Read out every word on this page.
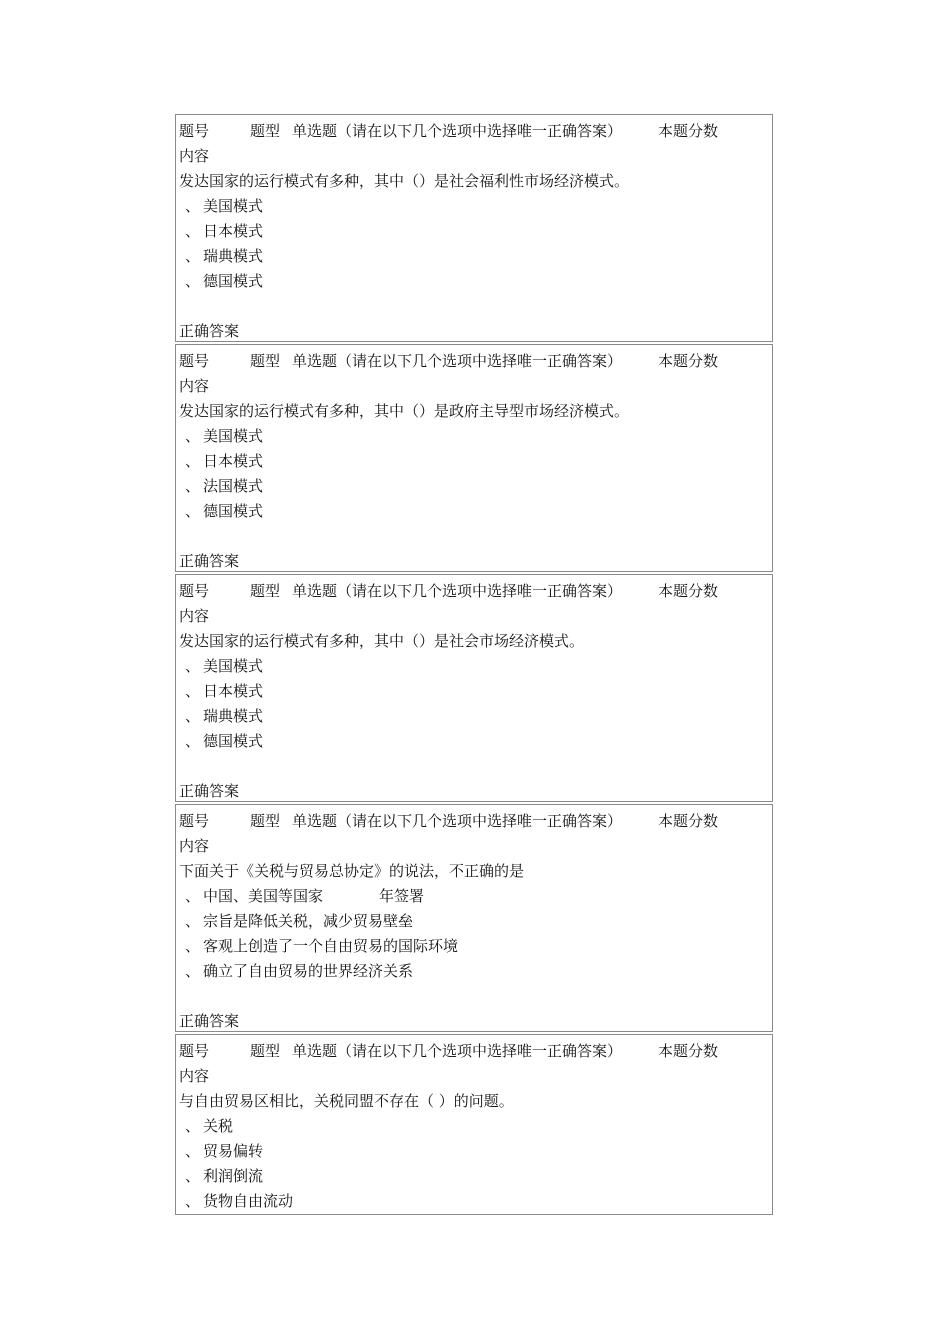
题号	题型 单选题（请在以下几个选项中选择唯一正确答案） 本题分数
内容
发达国家的运行模式有多种，其中（）是社会福利性市场经济模式。
、 美国模式
、 日本模式
、 瑞典模式
、 德国模式
正确答案
题号	题型 单选题（请在以下几个选项中选择唯一正确答案） 本题分数
内容
发达国家的运行模式有多种，其中（）是政府主导型市场经济模式。
、 美国模式
、 日本模式
、 法国模式
、 德国模式
正确答案
题号	题型 单选题（请在以下几个选项中选择唯一正确答案） 本题分数
内容
发达国家的运行模式有多种，其中（）是社会市场经济模式。
、 美国模式
、 日本模式
、 瑞典模式
、 德国模式
正确答案
题号	题型 单选题（请在以下几个选项中选择唯一正确答案） 本题分数
内容
下面关于《关税与贸易总协定》的说法，不正确的是
、 中国、美国等国家	年签署
、 宗旨是降低关税，减少贸易壁垒
、 客观上创造了一个自由贸易的国际环境
、 确立了自由贸易的世界经济关系
正确答案
题号	题型 单选题（请在以下几个选项中选择唯一正确答案） 本题分数
内容
与自由贸易区相比，关税同盟不存在（ ）的问题。
、 关税
、 贸易偏转
、 利润倒流
、 货物自由流动
